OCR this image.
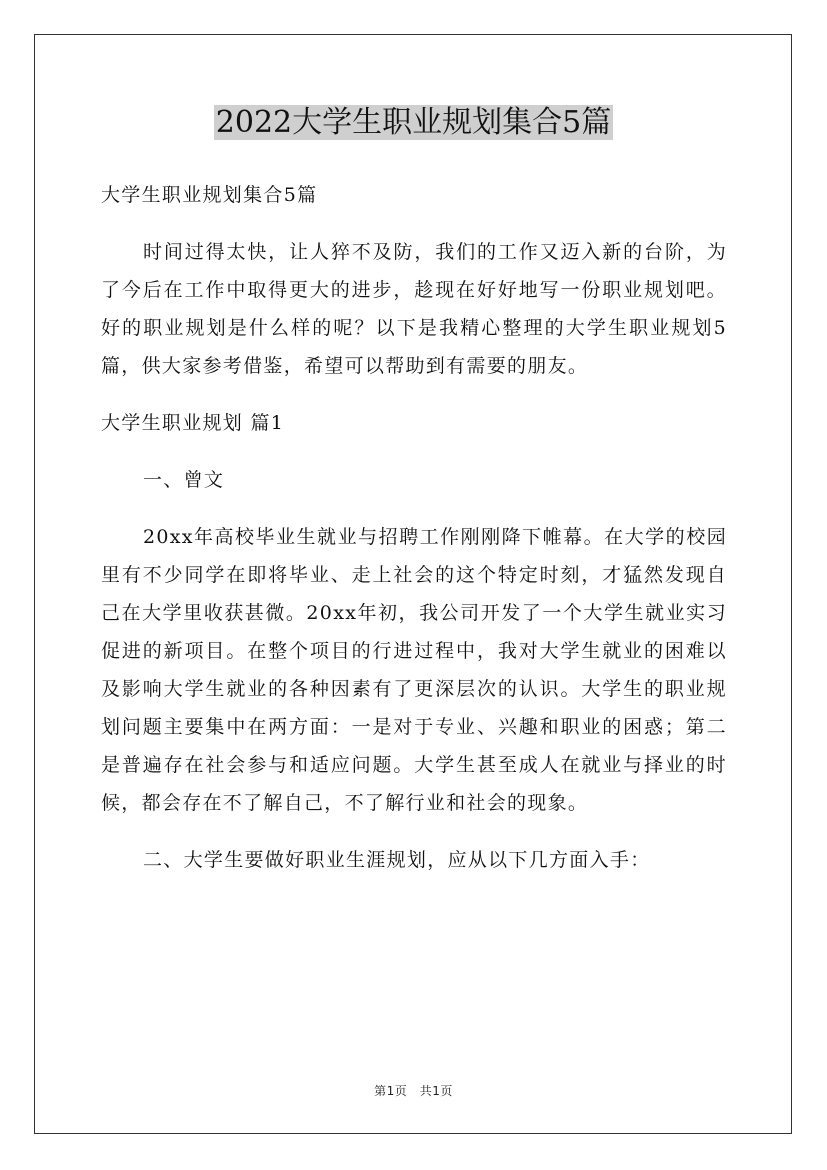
2022大学生职业规划集合5篇

大学生职业规划集合5篇

时间过得太快，让人猝不及防，我们的工作又迈入新的台阶，为了今后在工作中取得更大的进步，趁现在好好地写一份职业规划吧。好的职业规划是什么样的呢？以下是我精心整理的大学生职业规划5篇，供大家参考借鉴，希望可以帮助到有需要的朋友。

大学生职业规划 篇1

一、曾文

20xx年高校毕业生就业与招聘工作刚刚降下帷幕。在大学的校园里有不少同学在即将毕业、走上社会的这个特定时刻，才猛然发现自己在大学里收获甚微。20xx年初，我公司开发了一个大学生就业实习促进的新项目。在整个项目的行进过程中，我对大学生就业的困难以及影响大学生就业的各种因素有了更深层次的认识。大学生的职业规划问题主要集中在两方面：一是对于专业、兴趣和职业的困惑；第二是普遍存在社会参与和适应问题。大学生甚至成人在就业与择业的时候，都会存在不了解自己，不了解行业和社会的现象。

二、大学生要做好职业生涯规划，应从以下几方面入手：

第1页　共1页
